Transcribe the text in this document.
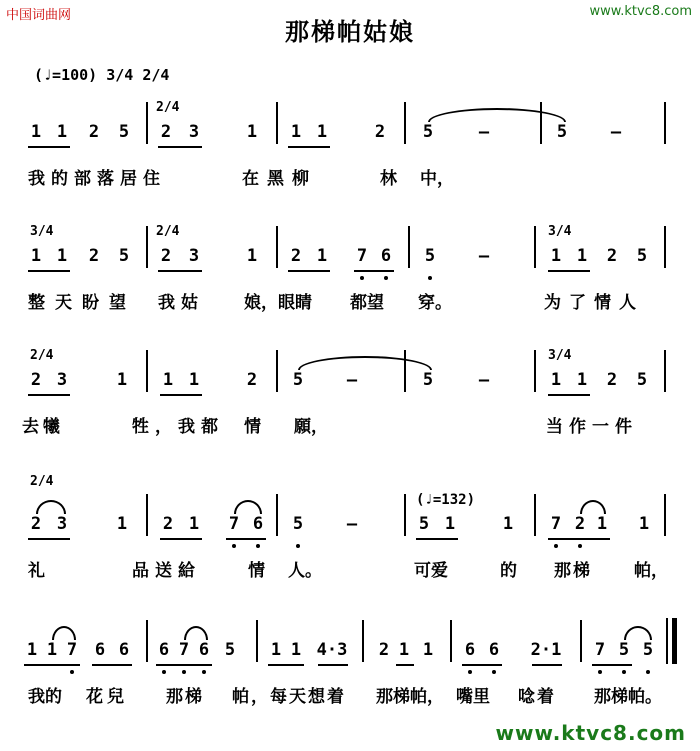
中国词曲网	www.ktvc8.com
那梯帕姑娘
(♩=100) 3/4 2/4
1 1 2 5
2/4
2 3	1 1 1	2 5	—	5	—
我的部落居住	在黑柳	林 中，
3/4
1 1 2 5
2/4
2 3	1 2 1 7 6 5	—
3/4
1 1 2 5
整天盼望 我姑 娘，眼睛 都望 穿。	为了情人
2/4
2 3	1 1 1	2 5	—	5	—
3/4
1 1 2 5
去犧	牲，我都 情 願，	当作一件
(♩=132)
2/4
2 3	1 2 1 7 6 5	—	5 1	1 7 2 1 1
礼	品送給	情 人。	可爱	的 那梯 帕，
1 1 7 6 6 6 7 6 5 1 1 4·3 2 1 1 6 6 2·1 7 5 5
我的 花兒 那梯 帕，每天想着 那梯帕， 嘴里 唸着 那梯帕。
www.ktvc8.com
